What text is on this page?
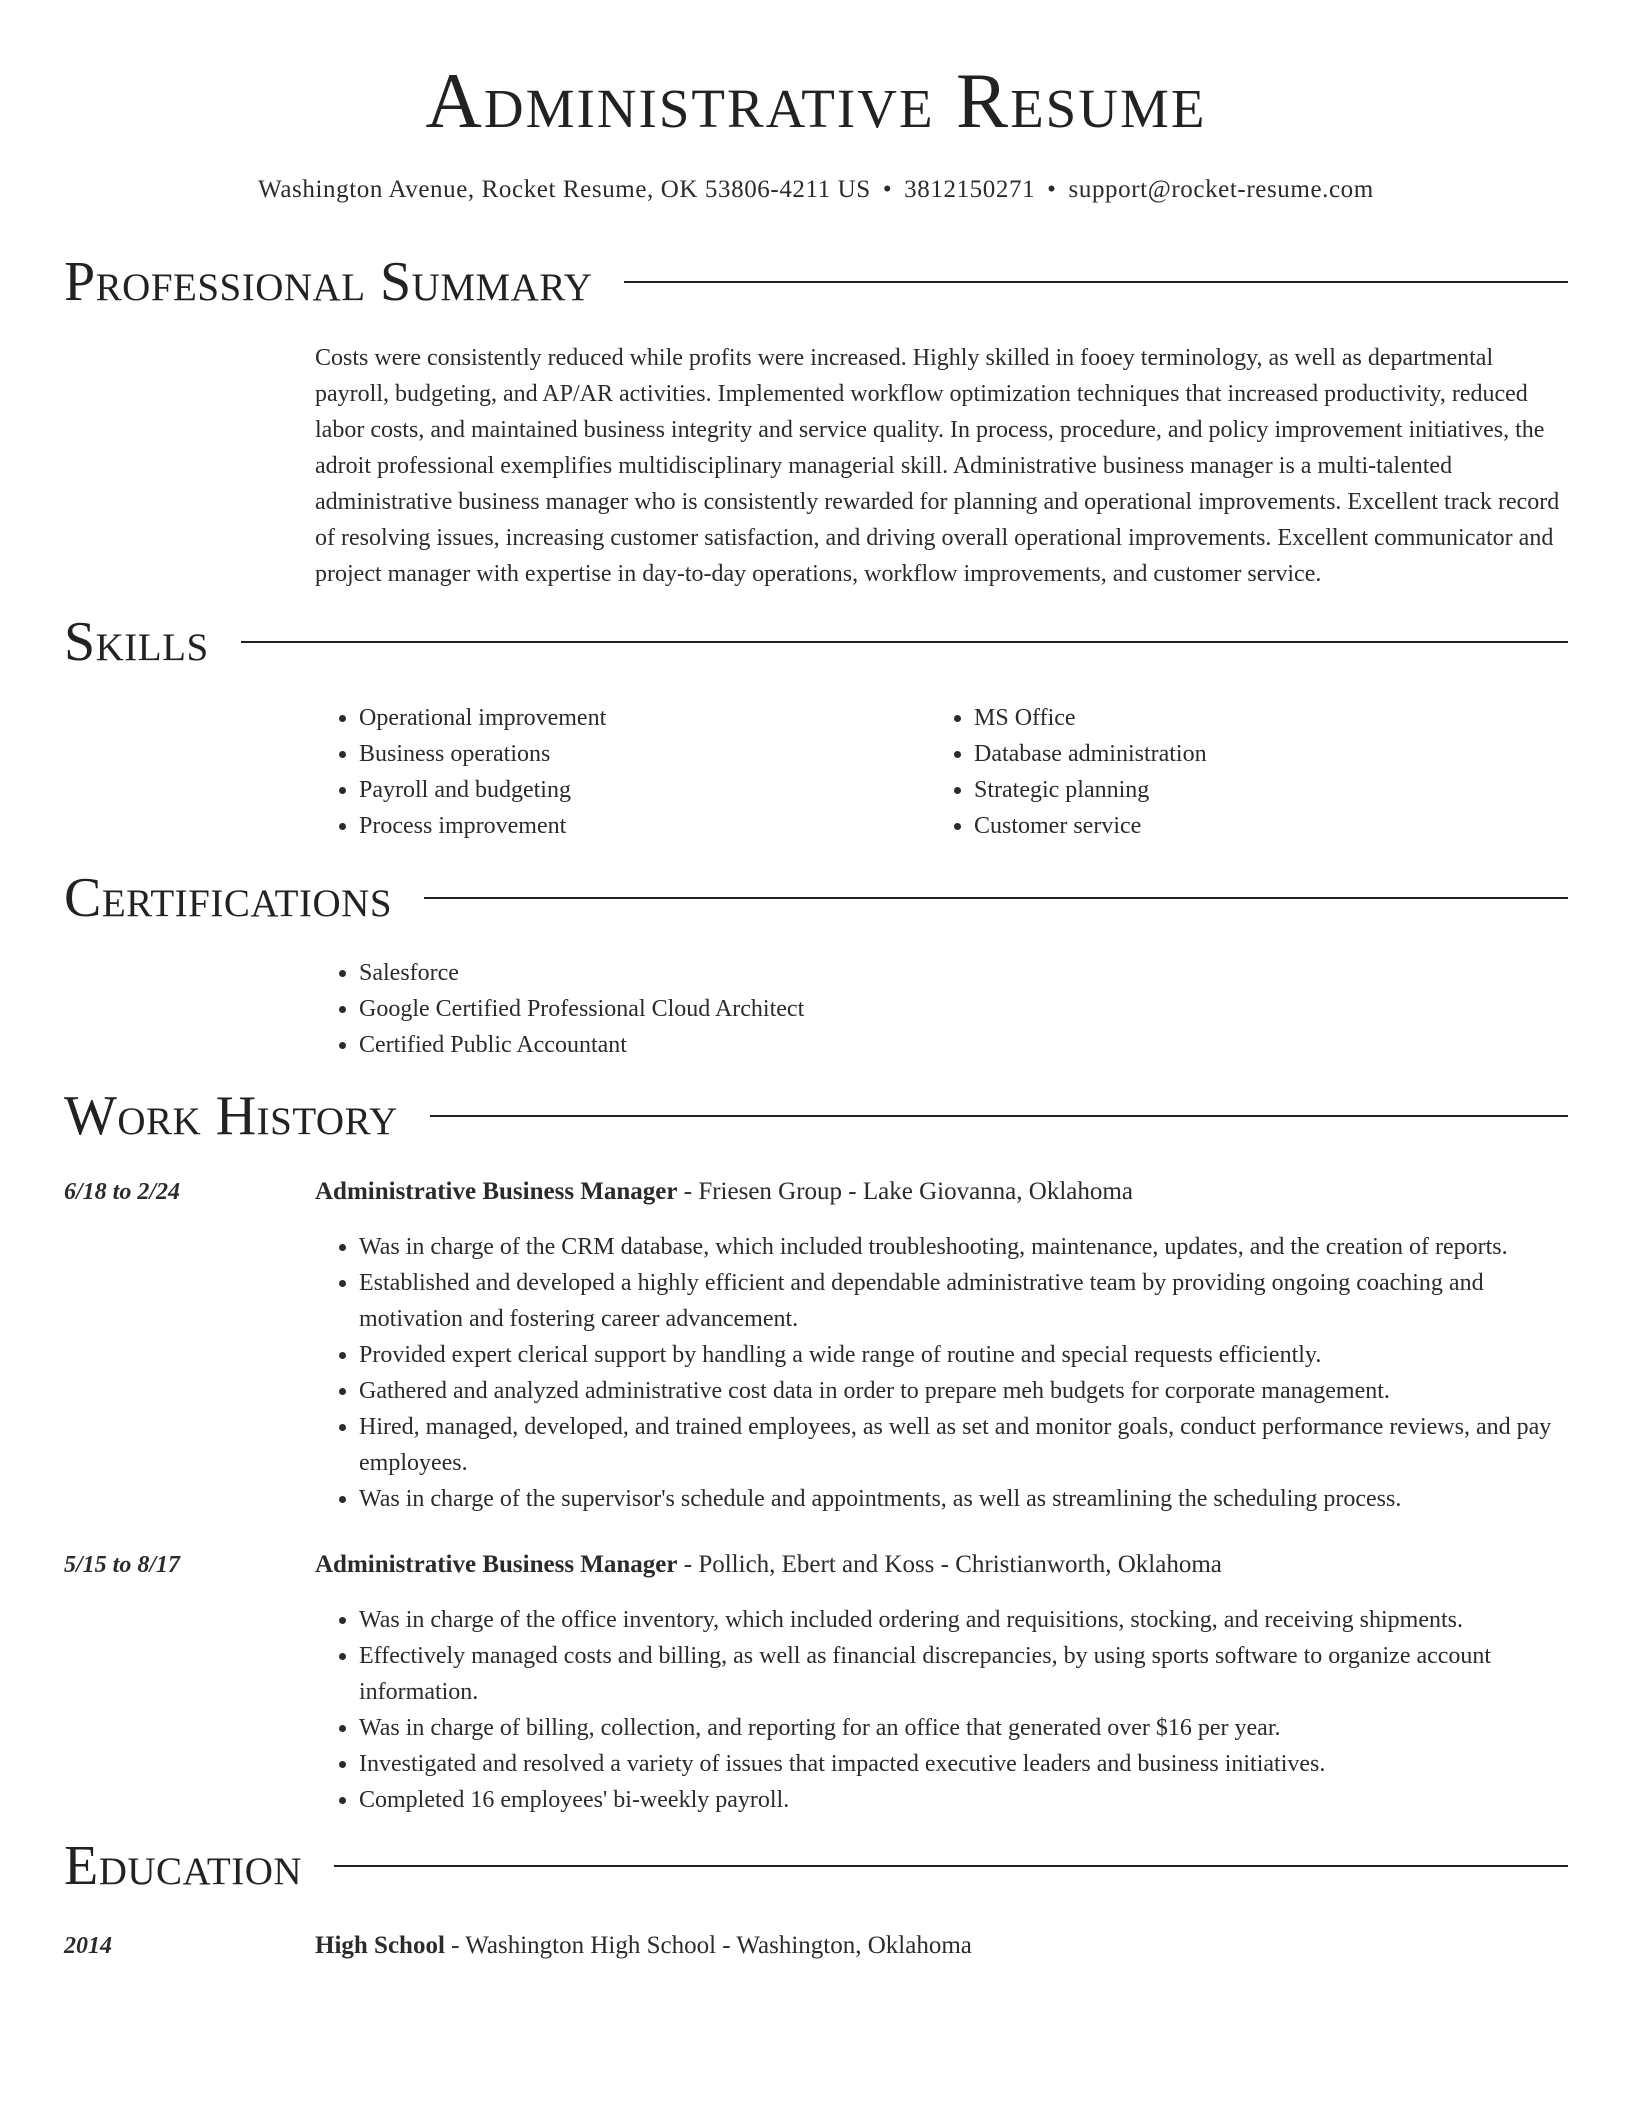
Administrative Resume
Washington Avenue, Rocket Resume, OK 53806-4211 US • 3812150271 • support@rocket-resume.com
Professional Summary

Costs were consistently reduced while profits were increased. Highly skilled in fooey terminology, as well as departmental payroll, budgeting, and AP/AR activities. Implemented workflow optimization techniques that increased productivity, reduced labor costs, and maintained business integrity and service quality. In process, procedure, and policy improvement initiatives, the adroit professional exemplifies multidisciplinary managerial skill. Administrative business manager is a multi-talented administrative business manager who is consistently rewarded for planning and operational improvements. Excellent track record of resolving issues, increasing customer satisfaction, and driving overall operational improvements. Excellent communicator and project manager with expertise in day-to-day operations, workflow improvements, and customer service.

Skills
• Operational improvement
• Business operations
• Payroll and budgeting
• Process improvement
• MS Office
• Database administration
• Strategic planning
• Customer service
Certifications
• Salesforce
• Google Certified Professional Cloud Architect
• Certified Public Accountant
Work History
6/18 to 2/24	Administrative Business Manager - Friesen Group - Lake Giovanna, Oklahoma
• Was in charge of the CRM database, which included troubleshooting, maintenance, updates, and the creation of reports.
• Established and developed a highly efficient and dependable administrative team by providing ongoing coaching and motivation and fostering career advancement.
• Provided expert clerical support by handling a wide range of routine and special requests efficiently.
• Gathered and analyzed administrative cost data in order to prepare meh budgets for corporate management.
• Hired, managed, developed, and trained employees, as well as set and monitor goals, conduct performance reviews, and pay employees.
• Was in charge of the supervisor's schedule and appointments, as well as streamlining the scheduling process.
5/15 to 8/17	Administrative Business Manager - Pollich, Ebert and Koss - Christianworth, Oklahoma
• Was in charge of the office inventory, which included ordering and requisitions, stocking, and receiving shipments.
• Effectively managed costs and billing, as well as financial discrepancies, by using sports software to organize account information.
• Was in charge of billing, collection, and reporting for an office that generated over $16 per year.
• Investigated and resolved a variety of issues that impacted executive leaders and business initiatives.
• Completed 16 employees' bi-weekly payroll.
Education
2014	High School - Washington High School - Washington, Oklahoma
